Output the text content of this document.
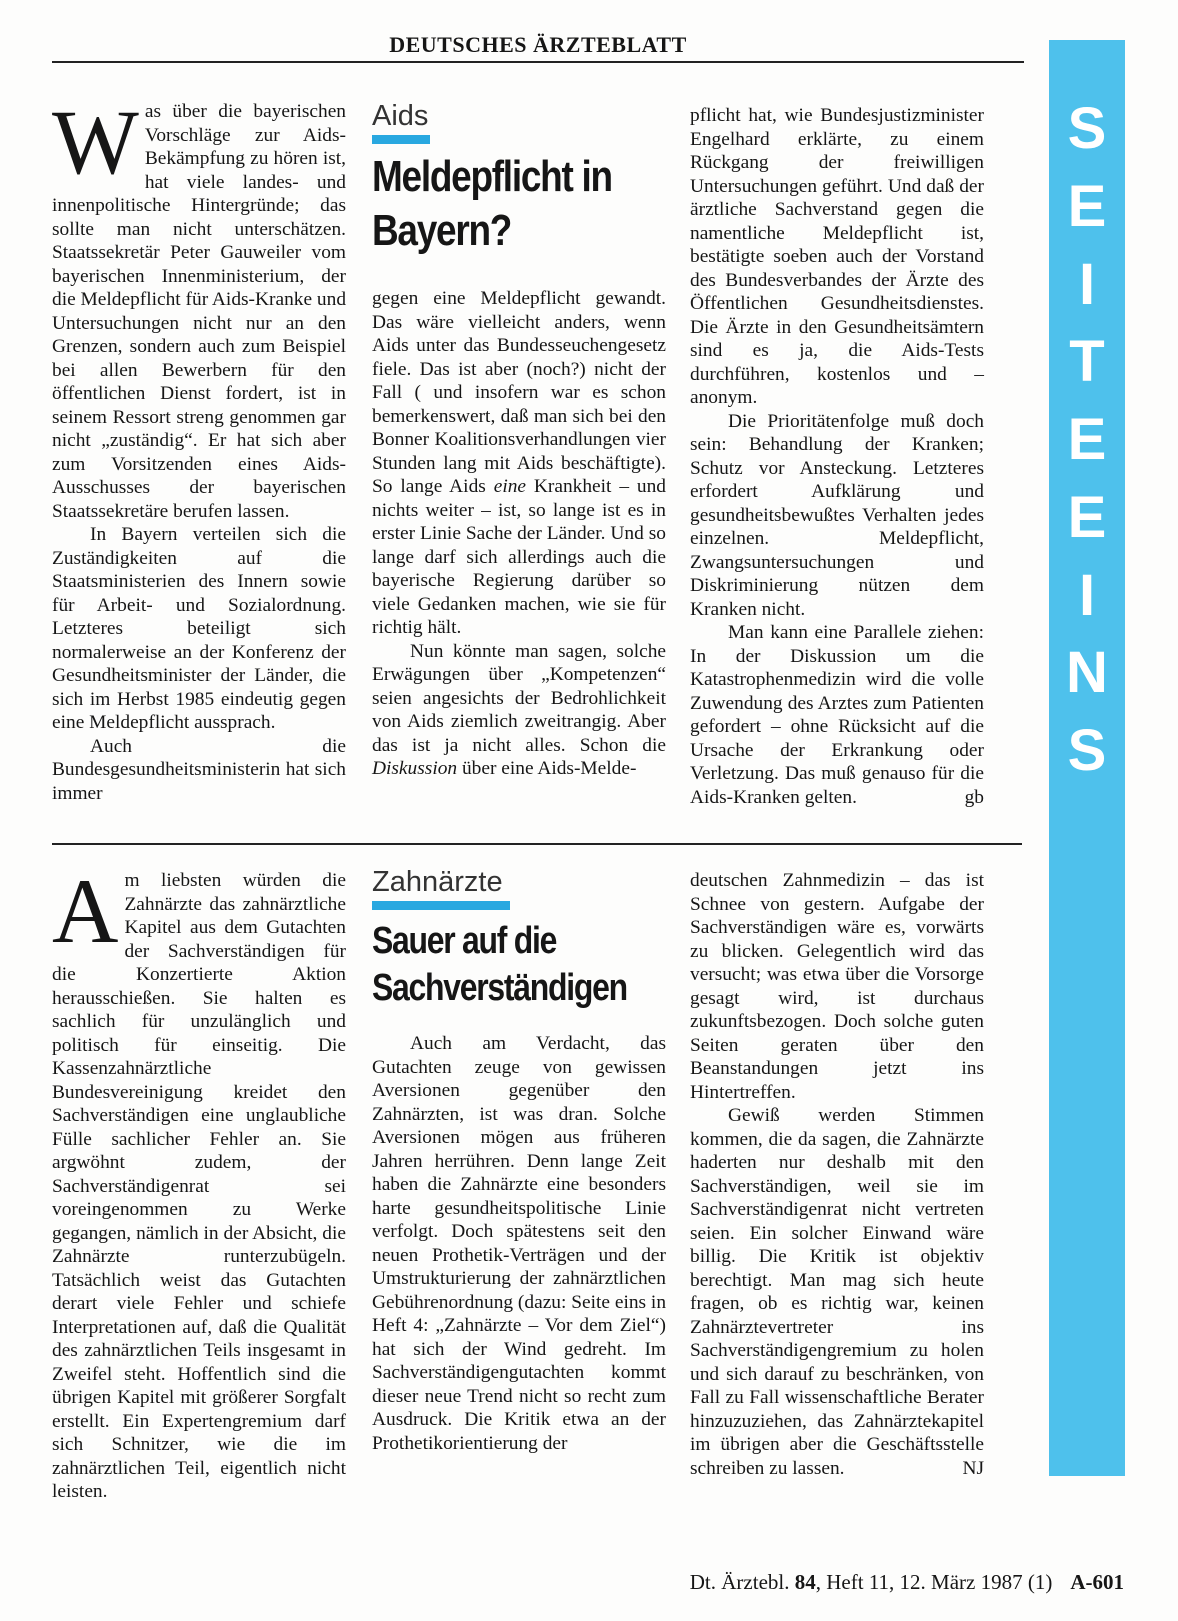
DEUTSCHES ÄRZTEBLATT

Was über die bayerischen Vorschläge zur Aids-Bekämpfung zu hören ist, hat viele landes- und innenpolitische Hintergründe; das sollte man nicht unterschätzen. Staatssekretär Peter Gauweiler vom bayerischen Innenministerium, der die Meldepflicht für Aids-Kranke und Untersuchungen nicht nur an den Grenzen, sondern auch zum Beispiel bei allen Bewerbern für den öffentlichen Dienst fordert, ist in seinem Ressort streng genommen gar nicht „zuständig“. Er hat sich aber zum Vorsitzenden eines Aids-Ausschusses der bayerischen Staatssekretäre berufen lassen.

In Bayern verteilen sich die Zuständigkeiten auf die Staatsministerien des Innern sowie für Arbeit- und Sozialordnung. Letzteres beteiligt sich normalerweise an der Konferenz der Gesundheitsminister der Länder, die sich im Herbst 1985 eindeutig gegen eine Meldepflicht aussprach.

Auch die Bundesgesundheitsministerin hat sich immer

Aids
Meldepflicht in
Bayern?

gegen eine Meldepflicht gewandt. Das wäre vielleicht anders, wenn Aids unter das Bundesseuchengesetz fiele. Das ist aber (noch?) nicht der Fall ( und insofern war es schon bemerkenswert, daß man sich bei den Bonner Koalitionsverhandlungen vier Stunden lang mit Aids beschäftigte). So lange Aids eine Krankheit – und nichts weiter – ist, so lange ist es in erster Linie Sache der Länder. Und so lange darf sich allerdings auch die bayerische Regierung darüber so viele Gedanken machen, wie sie für richtig hält.

Nun könnte man sagen, solche Erwägungen über „Kompetenzen“ seien angesichts der Bedrohlichkeit von Aids ziemlich zweitrangig. Aber das ist ja nicht alles. Schon die Diskussion über eine Aids-Melde-

pflicht hat, wie Bundesjustizminister Engelhard erklärte, zu einem Rückgang der freiwilligen Untersuchungen geführt. Und daß der ärztliche Sachverstand gegen die namentliche Meldepflicht ist, bestätigte soeben auch der Vorstand des Bundesverbandes der Ärzte des Öffentlichen Gesundheitsdienstes. Die Ärzte in den Gesundheitsämtern sind es ja, die Aids-Tests durchführen, kostenlos und – anonym.

Die Prioritätenfolge muß doch sein: Behandlung der Kranken; Schutz vor Ansteckung. Letzteres erfordert Aufklärung und gesundheitsbewußtes Verhalten jedes einzelnen. Meldepflicht, Zwangsuntersuchungen und Diskriminierung nützen dem Kranken nicht.

Man kann eine Parallele ziehen: In der Diskussion um die Katastrophenmedizin wird die volle Zuwendung des Arztes zum Patienten gefordert – ohne Rücksicht auf die Ursache der Erkrankung oder Verletzung. Das muß genauso für die Aids-Kranken gelten.	gb

Am liebsten würden die Zahnärzte das zahnärztliche Kapitel aus dem Gutachten der Sachverständigen für die Konzertierte Aktion herausschießen. Sie halten es sachlich für unzulänglich und politisch für einseitig. Die Kassenzahnärztliche Bundesvereinigung kreidet den Sachverständigen eine unglaubliche Fülle sachlicher Fehler an. Sie argwöhnt zudem, der Sachverständigenrat sei voreingenommen zu Werke gegangen, nämlich in der Absicht, die Zahnärzte runterzubügeln. Tatsächlich weist das Gutachten derart viele Fehler und schiefe Interpretationen auf, daß die Qualität des zahnärztlichen Teils insgesamt in Zweifel steht. Hoffentlich sind die übrigen Kapitel mit größerer Sorgfalt erstellt. Ein Expertengremium darf sich Schnitzer, wie die im zahnärztlichen Teil, eigentlich nicht leisten.

Zahnärzte
Sauer auf die
Sachverständigen

Auch am Verdacht, das Gutachten zeuge von gewissen Aversionen gegenüber den Zahnärzten, ist was dran. Solche Aversionen mögen aus früheren Jahren herrühren. Denn lange Zeit haben die Zahnärzte eine besonders harte gesundheitspolitische Linie verfolgt. Doch spätestens seit den neuen Prothetik-Verträgen und der Umstrukturierung der zahnärztlichen Gebührenordnung (dazu: Seite eins in Heft 4: „Zahnärzte – Vor dem Ziel“) hat sich der Wind gedreht. Im Sachverständigengutachten kommt dieser neue Trend nicht so recht zum Ausdruck. Die Kritik etwa an der Prothetikorientierung der

deutschen Zahnmedizin – das ist Schnee von gestern. Aufgabe der Sachverständigen wäre es, vorwärts zu blicken. Gelegentlich wird das versucht; was etwa über die Vorsorge gesagt wird, ist durchaus zukunftsbezogen. Doch solche guten Seiten geraten über den Beanstandungen jetzt ins Hintertreffen.

Gewiß werden Stimmen kommen, die da sagen, die Zahnärzte haderten nur deshalb mit den Sachverständigen, weil sie im Sachverständigenrat nicht vertreten seien. Ein solcher Einwand wäre billig. Die Kritik ist objektiv berechtigt. Man mag sich heute fragen, ob es richtig war, keinen Zahnärztevertreter ins Sachverständigengremium zu holen und sich darauf zu beschränken, von Fall zu Fall wissenschaftliche Berater hinzuzuziehen, das Zahnärztekapitel im übrigen aber die Geschäftsstelle schreiben zu lassen.	NJ

S
E
I
T
E
E
I
N
S
Dt. Ärztebl. 84, Heft 11, 12. März 1987 (1) A-601
